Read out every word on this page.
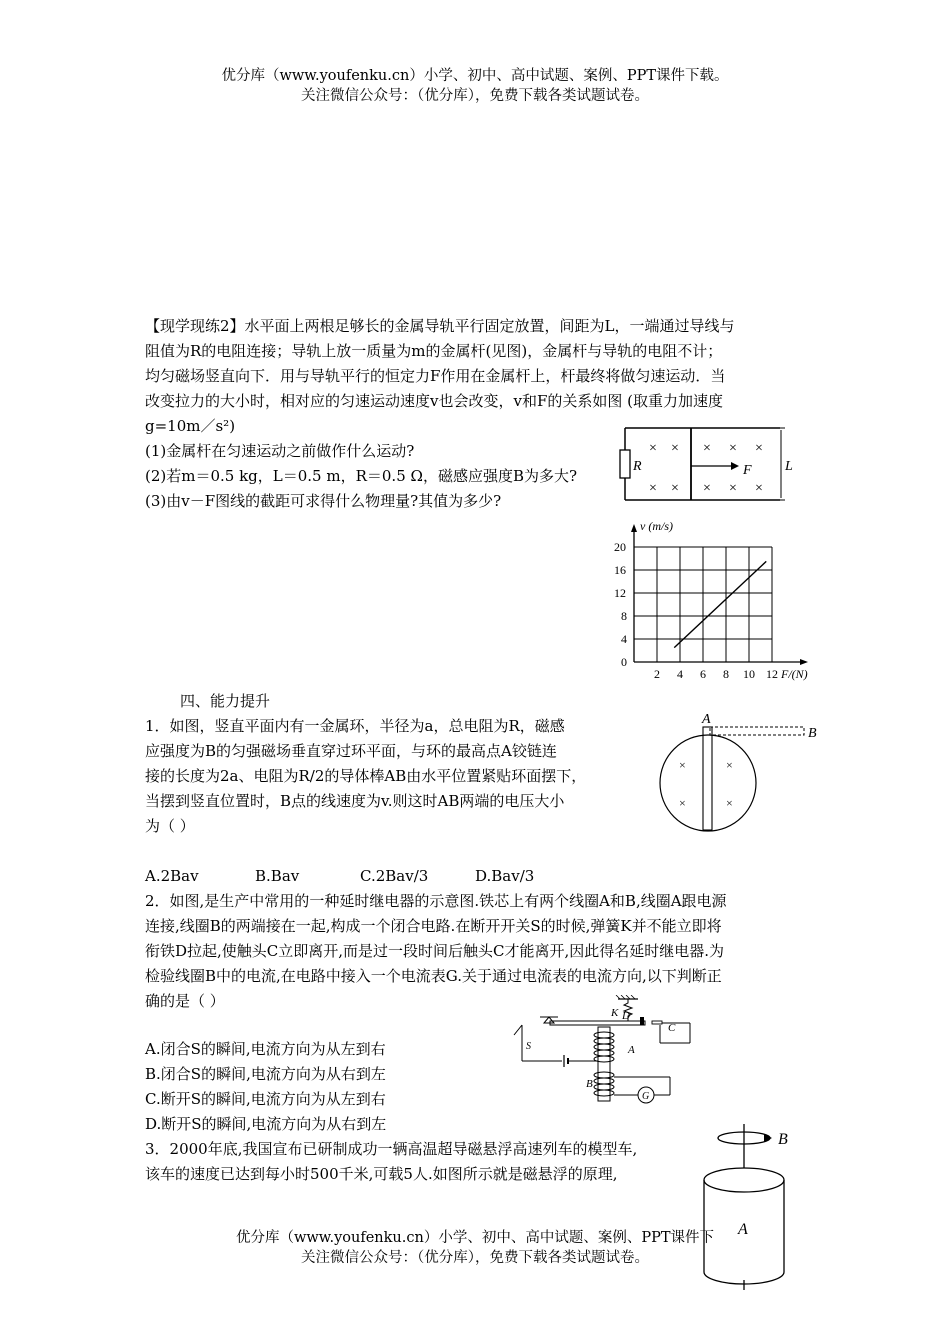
优分库（www.youfenku.cn）小学、初中、高中试题、案例、PPT课件下载。
关注微信公众号：（优分库），免费下载各类试题试卷。
【现学现练2】水平面上两根足够长的金属导轨平行固定放置，间距为L，一端通过导线与
阻值为R的电阻连接；导轨上放一质量为m的金属杆(见图)，金属杆与导轨的电阻不计；
均匀磁场竖直向下．用与导轨平行的恒定力F作用在金属杆上，杆最终将做匀速运动．当
改变拉力的大小时，相对应的匀速运动速度v也会改变，v和F的关系如图 (取重力加速度
g=10m／s²)
(1)金属杆在匀速运动之前做作什么运动?
(2)若m＝0.5 kg，L＝0.5 m，R＝0.5 Ω，磁感应强度B为多大?
(3)由v－F图线的截距可求得什么物理量?其值为多少?
R
× × × × ×
× × × × ×
F L
2 4 6 8 10 12
0
4
8
12
16
20
v (m/s)
F/(N)
四、能力提升
1．如图，竖直平面内有一金属环，半径为a，总电阻为R，磁感
应强度为B的匀强磁场垂直穿过环平面，与环的最高点A铰链连
接的长度为2a、电阻为R/2的导体棒AB由水平位置紧贴环面摆下，
当摆到竖直位置时，B点的线速度为v.则这时AB两端的电压大小
为（ ）
A.2Bav	B.Bav	C.2Bav/3	D.Bav/3
A
B
×	×
×	×
2．如图,是生产中常用的一种延时继电器的示意图.铁芯上有两个线圈A和B,线圈A跟电源
连接,线圈B的两端接在一起,构成一个闭合电路.在断开开关S的时候,弹簧K并不能立即将
衔铁D拉起,使触头C立即离开,而是过一段时间后触头C才能离开,因此得名延时继电器.为
检验线圈B中的电流,在电路中接入一个电流表G.关于通过电流表的电流方向,以下判断正
确的是（ ）
A.闭合S的瞬间,电流方向为从左到右
B.闭合S的瞬间,电流方向为从右到左
C.断开S的瞬间,电流方向为从左到右
D.断开S的瞬间,电流方向为从右到左
K D
C
S	A
B
G
3．2000年底,我国宣布已研制成功一辆高温超导磁悬浮高速列车的模型车,
该车的速度已达到每小时500千米,可载5人.如图所示就是磁悬浮的原理,
B
A
优分库（www.youfenku.cn）小学、初中、高中试题、案例、PPT课件下
关注微信公众号：（优分库），免费下载各类试题试卷。
